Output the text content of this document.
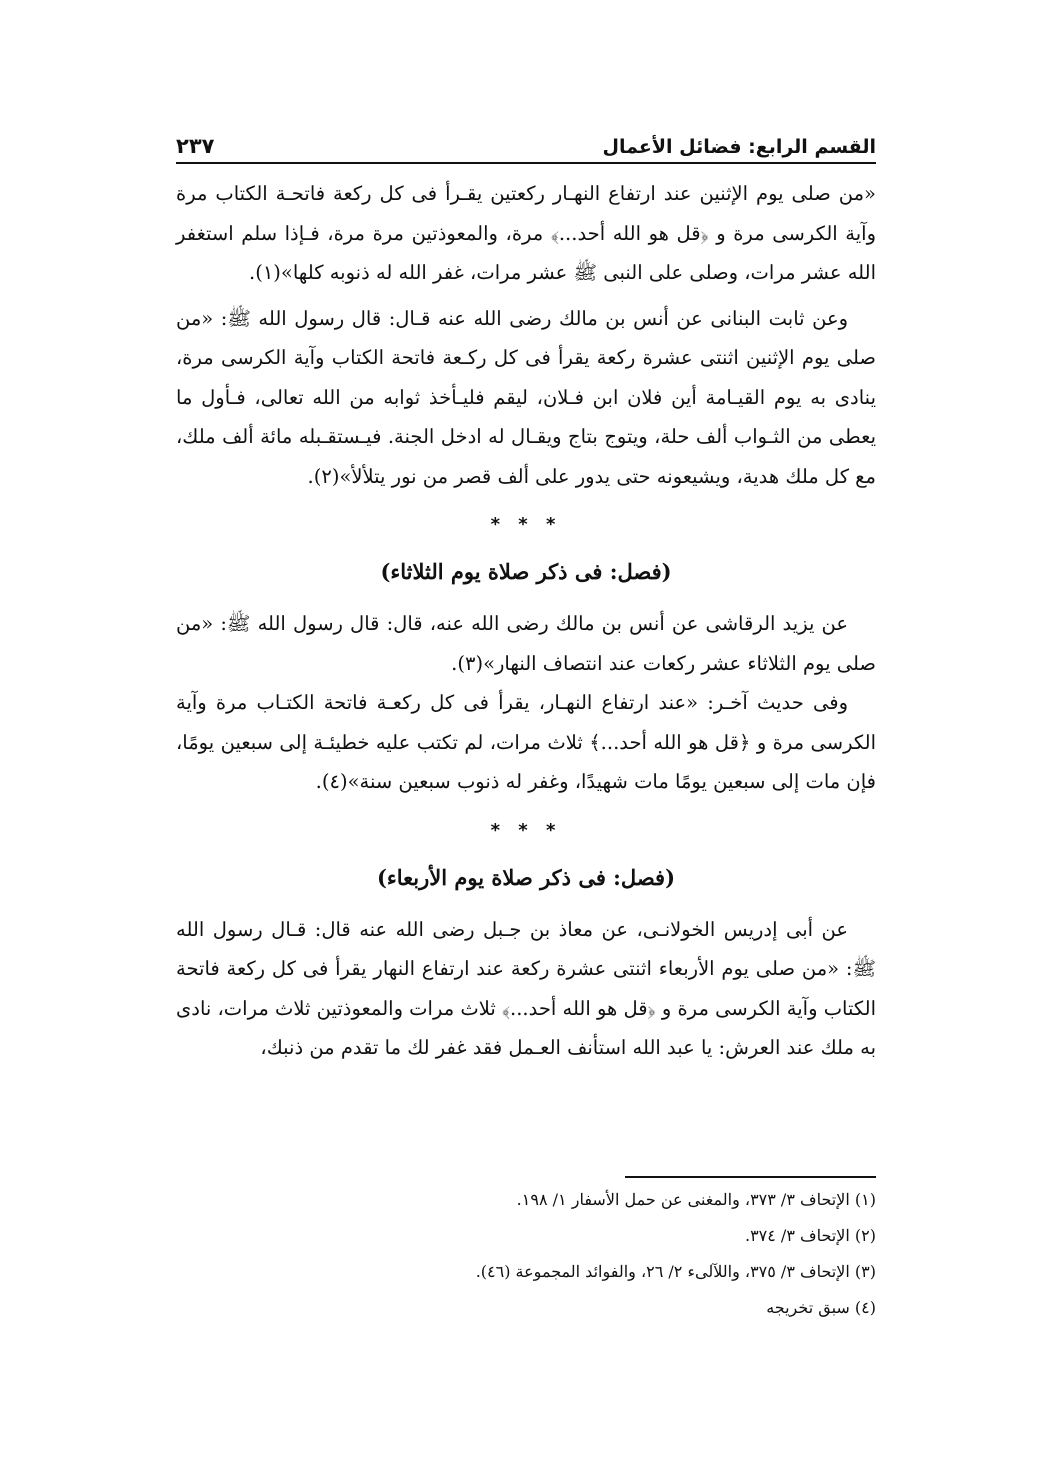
القسم الرابع: فضائل الأعمال
٢٣٧

«من صلى يوم الإثنين عند ارتفاع النهـار ركعتين يقـرأ فى كل ركعة فاتحـة الكتاب مرة وآية الكرسى مرة و ﴿قل هو الله أحد...﴾ مرة، والمعوذتين مرة مرة، فـإذا سلم استغفر الله عشر مرات، وصلى على النبى ﷺ عشر مرات، غفر الله له ذنوبه كلها»(١).

وعن ثابت البنانى عن أنس بن مالك رضى الله عنه قـال: قال رسول الله ﷺ: «من صلى يوم الإثنين اثنتى عشرة ركعة يقرأ فى كل ركـعة فاتحة الكتاب وآية الكرسى مرة، ينادى به يوم القيـامة أين فلان ابن فـلان، ليقم فليـأخذ ثوابه من الله تعالى، فـأول ما يعطى من الثـواب ألف حلة، ويتوج بتاج ويقـال له ادخل الجنة. فيـستقـبله مائة ألف ملك، مع كل ملك هدية، ويشيعونه حتى يدور على ألف قصر من نور يتلألأ»(٢).

* * *
(فصل: فى ذكر صلاة يوم الثلاثاء)

عن يزيد الرقاشى عن أنس بن مالك رضى الله عنه، قال: قال رسول الله ﷺ: «من صلى يوم الثلاثاء عشر ركعات عند انتصاف النهار»(٣).

وفى حديث آخـر: «عند ارتفاع النهـار، يقرأ فى كل ركعـة فاتحة الكتـاب مرة وآية الكرسى مرة و ﴿قل هو الله أحد...﴾ ثلاث مرات، لم تكتب عليه خطيئـة إلى سبعين يومًا، فإن مات إلى سبعين يومًا مات شهيدًا، وغفر له ذنوب سبعين سنة»(٤).

* * *
(فصل: فى ذكر صلاة يوم الأربعاء)

عن أبى إدريس الخولانـى، عن معاذ بن جـبل رضى الله عنه قال: قـال رسول الله ﷺ: «من صلى يوم الأربعاء اثنتى عشرة ركعة عند ارتفاع النهار يقرأ فى كل ركعة فاتحة الكتاب وآية الكرسى مرة و ﴿قل هو الله أحد...﴾ ثلاث مرات والمعوذتين ثلاث مرات، نادى به ملك عند العرش: يا عبد الله استأنف العـمل فقد غفر لك ما تقدم من ذنبك،

(١) الإتحاف ٣/ ٣٧٣، والمغنى عن حمل الأسفار ١/ ١٩٨.

(٢) الإتحاف ٣/ ٣٧٤.

(٣) الإتحاف ٣/ ٣٧٥، واللآلىء ٢/ ٢٦، والفوائد المجموعة (٤٦).

(٤) سبق تخريجه
